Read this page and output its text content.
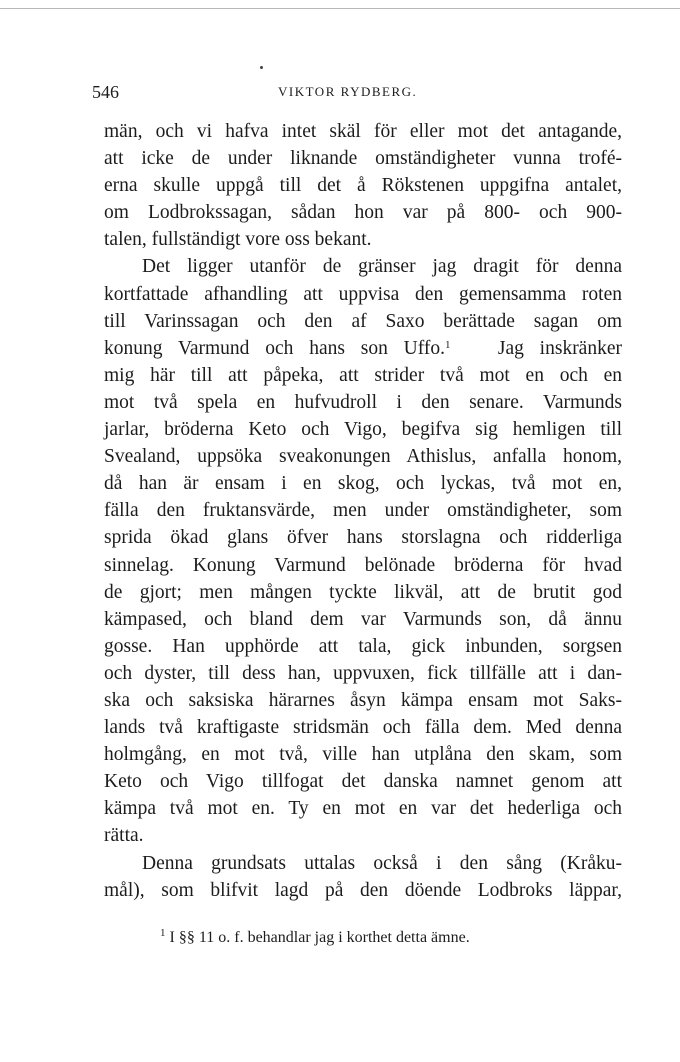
546	VIKTOR RYDBERG.
män, och vi hafva intet skäl för eller mot det antagande,
att icke de under liknande omständigheter vunna trofé-
erna skulle uppgå till det å Rökstenen uppgifna antalet,
om Lodbrokssagan, sådan hon var på 800- och 900-
talen, fullständigt vore oss bekant.
Det ligger utanför de gränser jag dragit för denna
kortfattade afhandling att uppvisa den gemensamma roten
till Varinssagan och den af Saxo berättade sagan om
konung Varmund och hans son Uffo.$^1$ Jag inskränker
mig här till att påpeka, att strider två mot en och en
mot två spela en hufvudroll i den senare. Varmunds
jarlar, bröderna Keto och Vigo, begifva sig hemligen till
Svealand, uppsöka sveakonungen Athislus, anfalla honom,
då han är ensam i en skog, och lyckas, två mot en,
fälla den fruktansvärde, men under omständigheter, som
sprida ökad glans öfver hans storslagna och ridderliga
sinnelag. Konung Varmund belönade bröderna för hvad
de gjort; men mången tyckte likväl, att de brutit god
kämpased, och bland dem var Varmunds son, då ännu
gosse. Han upphörde att tala, gick inbunden, sorgsen
och dyster, till dess han, uppvuxen, fick tillfälle att i dan-
ska och saksiska härarnes åsyn kämpa ensam mot Saks-
lands två kraftigaste stridsmän och fälla dem. Med denna
holmgång, en mot två, ville han utplåna den skam, som
Keto och Vigo tillfogat det danska namnet genom att
kämpa två mot en. Ty en mot en var det hederliga och
rätta.
Denna grundsats uttalas också i den sång (Kråku-
mål), som blifvit lagd på den döende Lodbroks läppar,
$^1$ I §§ 11 o. f. behandlar jag i korthet detta ämne.
